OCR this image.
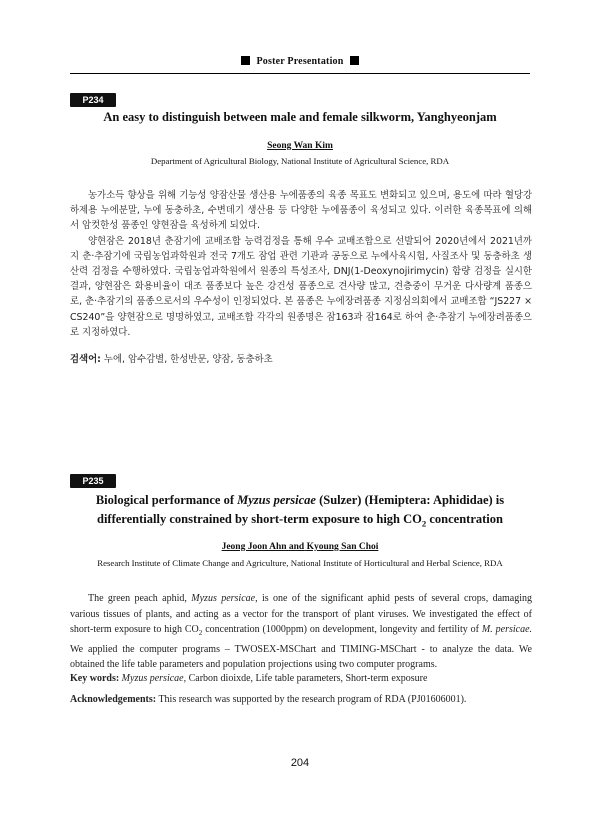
Poster Presentation
P234
An easy to distinguish between male and female silkworm, Yanghyeonjam
Seong Wan Kim
Department of Agricultural Biology, National Institute of Agricultural Science, RDA

농가소득 향상을 위해 기능성 양잠산물 생산용 누에품종의 육종 목표도 변화되고 있으며, 용도에 따라 혈당강하제용 누에분말, 누에 동충하초, 수변데기 생산용 등 다양한 누에품종이 육성되고 있다. 이러한 육종목표에 의해서 암컷한성 품종인 양현잠을 육성하게 되었다.

양현잠은 2018년 춘잠기에 교배조합 능력검정을 통해 우수 교배조합으로 선발되어 2020년에서 2021년까지 춘·추잠기에 국립농업과학원과 전국 7개도 잠업 관련 기관과 공동으로 누에사육시험, 사질조사 및 동충하초 생산력 검정을 수행하였다. 국립농업과학원에서 원종의 특성조사, DNJ(1-Deoxynojirimycin) 함량 검정을 실시한 결과, 양현잠은 화용비율이 대조 품종보다 높은 강건성 품종으로 견사량 많고, 견층중이 무거운 다사량계 품종으로, 춘·추잠기의 품종으로서의 우수성이 인정되었다. 본 품종은 누에장려품종 지정심의회에서 교배조합 “JS227 × CS240”을 양현잠으로 명명하였고, 교배조합 각각의 원종명은 잠163과 잠164로 하여 춘·추잠기 누에장려품종으로 지정하였다.

검색어: 누에, 암수감별, 한성반문, 양잠, 동충하초
P235
Biological performance of Myzus persicae (Sulzer) (Hemiptera: Aphididae) is
differentially constrained by short-term exposure to high $CO_2$ concentration
Jeong Joon Ahn and Kyoung San Choi
Research Institute of Climate Change and Agriculture, National Institute of Horticultural and Herbal Science, RDA

The green peach aphid, Myzus persicae, is one of the significant aphid pests of several crops, damaging various tissues of plants, and acting as a vector for the transport of plant viruses. We investigated the effect of short-term exposure to high $CO_2$ concentration (1000ppm) on development, longevity and fertility of M. persicae. We applied the computer programs – TWOSEX-MSChart and TIMING-MSChart - to analyze the data. We obtained the life table parameters and population projections using two computer programs.

Key words: Myzus persicae, Carbon dioixde, Life table parameters, Short-term exposure
Acknowledgements: This research was supported by the research program of RDA (PJ01606001).
204
